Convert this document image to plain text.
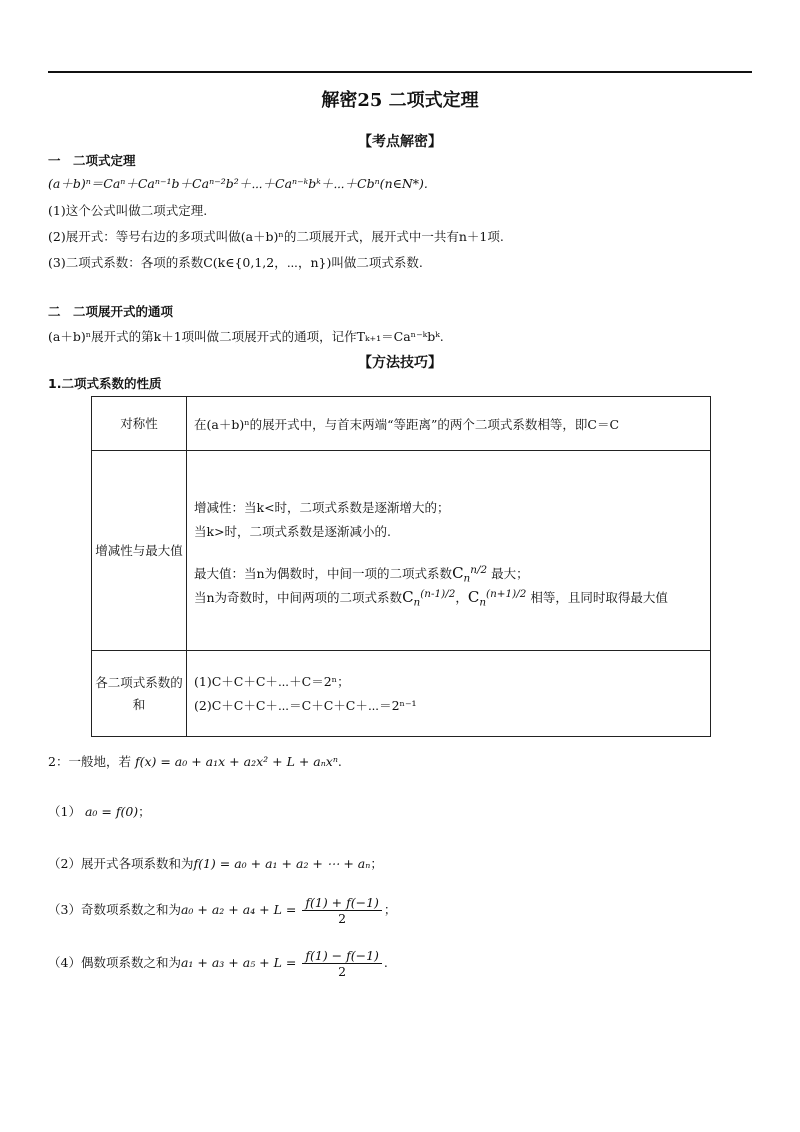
解密25 二项式定理
【考点解密】
一　二项式定理
(a＋b)ⁿ＝Caⁿ＋Caⁿ⁻¹b＋Caⁿ⁻²b²＋⋯＋Caⁿ⁻ᵏbᵏ＋⋯＋Cbⁿ(n∈N*).
(1)这个公式叫做二项式定理.
(2)展开式：等号右边的多项式叫做(a＋b)ⁿ的二项展开式，展开式中一共有n＋1项.
(3)二项式系数：各项的系数C(k∈{0,1,2，⋯，n})叫做二项式系数.
二　二项展开式的通项
(a＋b)ⁿ展开式的第k＋1项叫做二项展开式的通项，记作Tₖ₊₁＝Caⁿ⁻ᵏbᵏ.
【方法技巧】
1.二项式系数的性质
对称性	在(a＋b)ⁿ的展开式中，与首末两端“等距离”的两个二项式系数相等，即C＝C
增减性与最大值	增减性：当k<时，二项式系数是逐渐增大的；
当k>时，二项式系数是逐渐减小的.
最大值：当n为偶数时，中间一项的二项式系数$C_n^{n/2}$ 最大；
当n为奇数时，中间两项的二项式系数$C_n^{(n-1)/2}$，$C_n^{(n+1)/2}$ 相等，且同时取得最大值

各二项式系数的和	(1)C＋C＋C＋⋯＋C＝2ⁿ；
(2)C＋C＋C＋⋯＝C＋C＋C＋⋯＝2ⁿ⁻¹
2：一般地，若 f(x) = a₀ + a₁x + a₂x² + L + aₙxⁿ.
（1） a₀ = f(0)；
（2）展开式各项系数和为f(1) = a₀ + a₁ + a₂ + ⋯ + aₙ；
（3）奇数项系数之和为$a_0 + a_2 + a_4 + L = \frac{f(1) + f(-1)}{2}$ ；
（4）偶数项系数之和为$a_1 + a_3 + a_5 + L = \frac{f(1) - f(-1)}{2}$ .
